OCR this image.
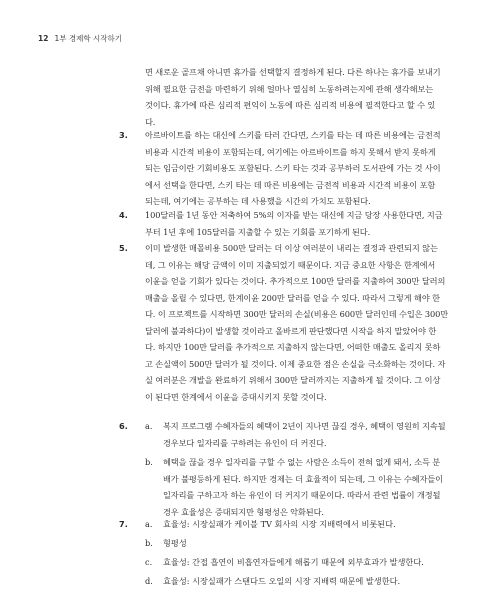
12 1부 경제학 시작하기
면 새로운 골프채 아니면 휴가를 선택할지 결정하게 된다. 다른 하나는 휴가를 보내기
위해 필요한 금전을 마련하기 위해 얼마나 열심히 노동하려는지에 관해 생각해보는
것이다. 휴가에 따른 심리적 편익이 노동에 따른 심리적 비용에 필적한다고 할 수 있
다.
3. 아르바이트를 하는 대신에 스키를 타러 간다면, 스키를 타는 데 따른 비용에는 금전적
비용과 시간적 비용이 포함되는데, 여기에는 아르바이트를 하지 못해서 받지 못하게
되는 임금이란 기회비용도 포함된다. 스키 타는 것과 공부하러 도서관에 가는 것 사이
에서 선택을 한다면, 스키 타는 데 따른 비용에는 금전적 비용과 시간적 비용이 포함
되는데, 여기에는 공부하는 데 사용했을 시간의 가치도 포함된다.
4. 100달러를 1년 동안 저축하여 5%의 이자를 받는 대신에 지금 당장 사용한다면, 지금
부터 1년 후에 105달러를 지출할 수 있는 기회를 포기하게 된다.
5. 이미 발생한 매몰비용 500만 달러는 더 이상 여러분이 내리는 결정과 관련되지 않는
데, 그 이유는 해당 금액이 이미 지출되었기 때문이다. 지금 중요한 사항은 한계에서
이윤을 얻을 기회가 있다는 것이다. 추가적으로 100만 달러를 지출하여 300만 달러의
매출을 올릴 수 있다면, 한계이윤 200만 달러를 얻을 수 있다. 따라서 그렇게 해야 한
다. 이 프로젝트를 시작하면 300만 달러의 손실(비용은 600만 달러인데 수입은 300만
달러에 불과하다)이 발생할 것이라고 올바르게 판단했다면 시작을 하지 말았어야 한
다. 하지만 100만 달러를 추가적으로 지출하지 않는다면, 어떠한 매출도 올리지 못하
고 손실액이 500만 달러가 될 것이다. 이제 중요한 점은 손실을 극소화하는 것이다. 자
실 여러분은 개발을 완료하기 위해서 300만 달러까지는 지출하게 될 것이다. 그 이상
이 된다면 한계에서 이윤을 증대시키지 못할 것이다.
6. a. 복지 프로그램 수혜자들의 혜택이 2년이 지나면 끊길 경우, 혜택이 영원히 지속될
경우보다 일자리를 구하려는 유인이 더 커진다.
b. 혜택을 끊을 경우 일자리를 구할 수 없는 사람은 소득이 전혀 없게 돼서, 소득 분
배가 불평등하게 된다. 하지만 경제는 더 효율적이 되는데, 그 이유는 수혜자들이
일자리를 구하고자 하는 유인이 더 커지기 때문이다. 따라서 관련 법률이 개정될
경우 효율성은 증대되지만 형평성은 악화된다.
7. a. 효율성: 시장실패가 케이블 TV 회사의 시장 지배력에서 비롯된다.
b. 형평성
c. 효율성: 간접 흡연이 비흡연자들에게 해롭기 때문에 외부효과가 발생한다.
d. 효율성: 시장실패가 스탠다드 오일의 시장 지배력 때문에 발생한다.
